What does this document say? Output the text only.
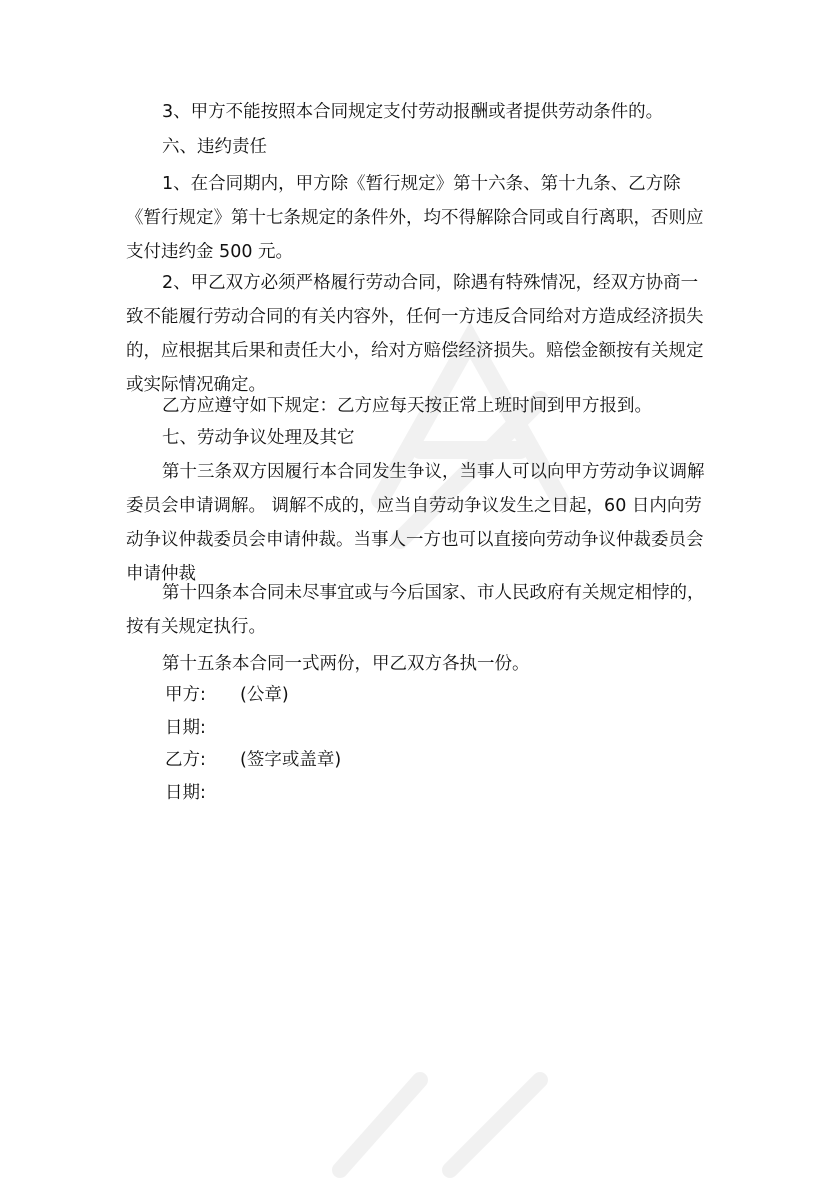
3、甲方不能按照本合同规定支付劳动报酬或者提供劳动条件的。

六、违约责任

1、在合同期内，甲方除《暂行规定》第十六条、第十九条、乙方除《暂行规定》第十七条规定的条件外，均不得解除合同或自行离职，否则应支付违约金 500 元。

2、甲乙双方必须严格履行劳动合同，除遇有特殊情况，经双方协商一致不能履行劳动合同的有关内容外，任何一方违反合同给对方造成经济损失的，应根据其后果和责任大小，给对方赔偿经济损失。赔偿金额按有关规定或实际情况确定。

乙方应遵守如下规定：乙方应每天按正常上班时间到甲方报到。

七、劳动争议处理及其它

第十三条双方因履行本合同发生争议，当事人可以向甲方劳动争议调解委员会申请调解。 调解不成的，应当自劳动争议发生之日起，60 日内向劳动争议仲裁委员会申请仲裁。当事人一方也可以直接向劳动争议仲裁委员会申请仲裁

第十四条本合同未尽事宜或与今后国家、市人民政府有关规定相悖的，按有关规定执行。

第十五条本合同一式两份，甲乙双方各执一份。

甲方: (公章)
日期:
乙方: (签字或盖章)
日期:
